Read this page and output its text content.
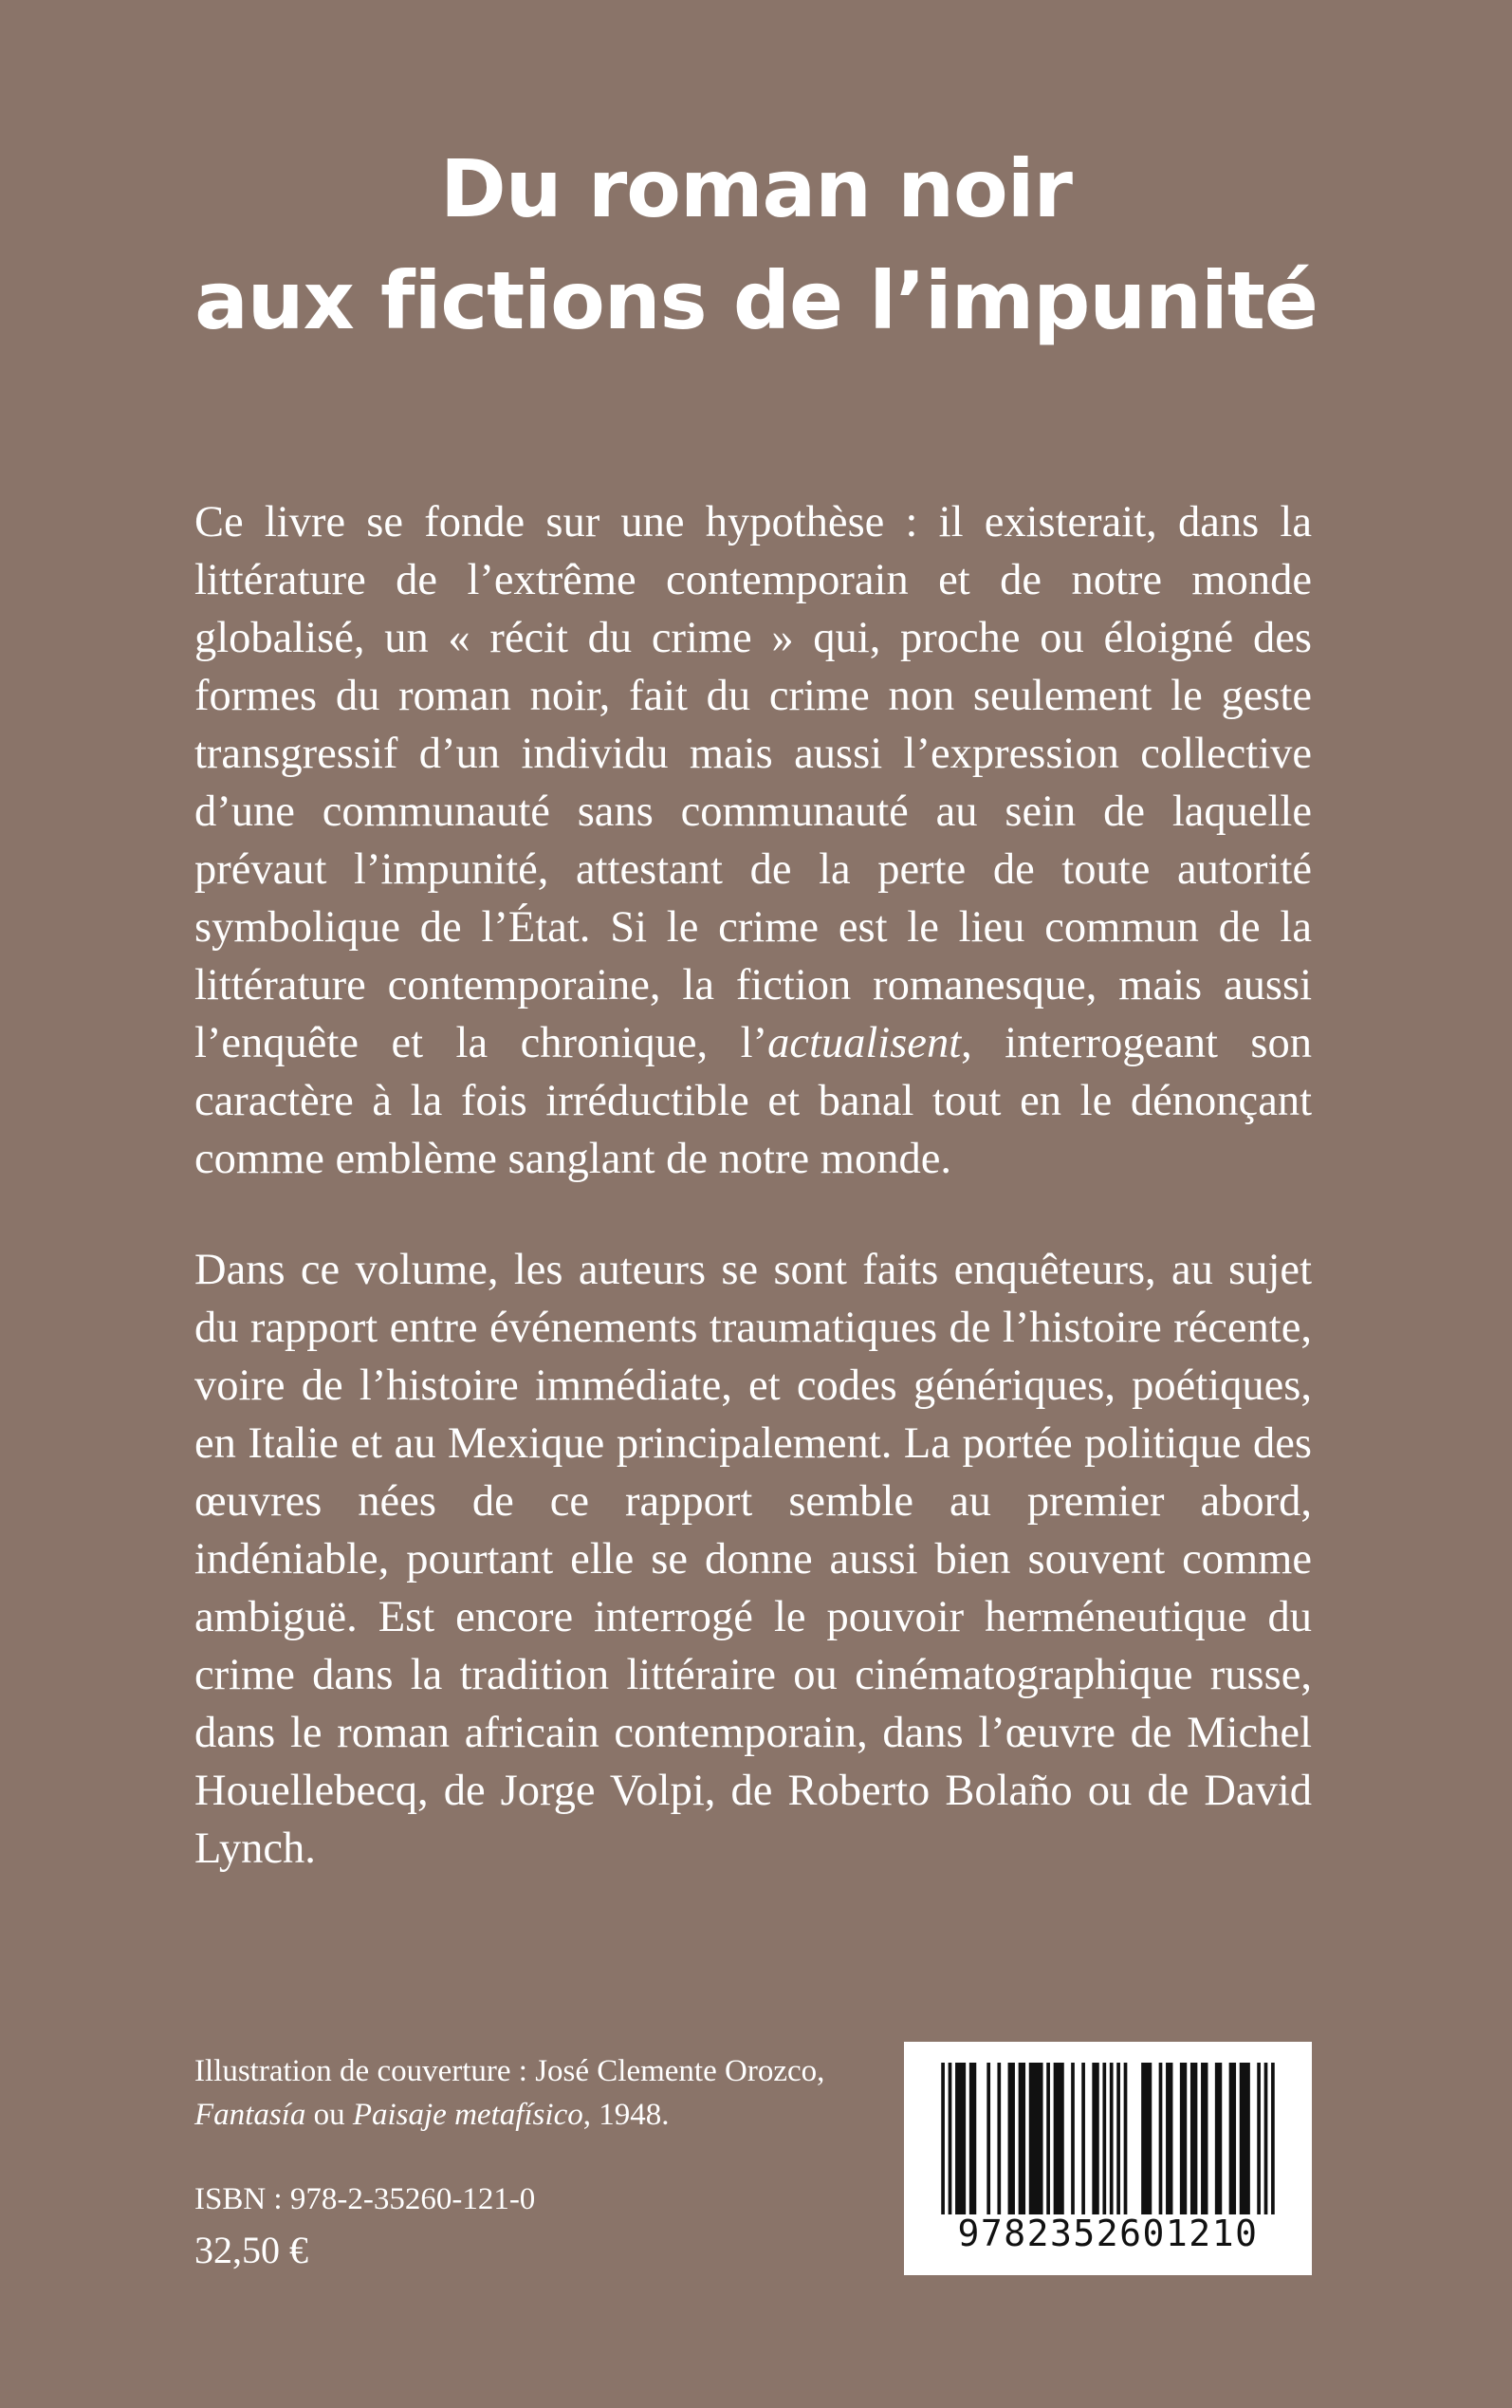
Du roman noir
aux fictions de l’impunité

Ce livre se fonde sur une hypothèse : il existerait, dans la littérature de l’extrême contemporain et de notre monde globalisé, un « récit du crime » qui, proche ou éloigné des formes du roman noir, fait du crime non seulement le geste transgressif d’un individu mais aussi l’expression collective d’une communauté sans communauté au sein de laquelle prévaut l’impunité, attestant de la perte de toute autorité symbolique de l’État. Si le crime est le lieu commun de la littérature contemporaine, la fiction romanesque, mais aussi l’enquête et la chronique, l’actualisent, interrogeant son caractère à la fois irréductible et banal tout en le dénonçant comme emblème sanglant de notre monde.

Dans ce volume, les auteurs se sont faits enquêteurs, au sujet du rapport entre événements traumatiques de l’histoire récente, voire de l’histoire immédiate, et codes génériques, poétiques, en Italie et au Mexique principalement. La portée politique des œuvres nées de ce rapport semble au premier abord, indéniable, pourtant elle se donne aussi bien souvent comme ambiguë. Est encore interrogé le pouvoir herméneutique du crime dans la tradition littéraire ou cinématographique russe, dans le roman africain contemporain, dans l’œuvre de Michel Houellebecq, de Jorge Volpi, de Roberto Bolaño ou de David Lynch.

Illustration de couverture : José Clemente Orozco, Fantasía ou Paisaje metafísico, 1948.
ISBN : 978-2-35260-121-0
32,50 €	9782352601210
